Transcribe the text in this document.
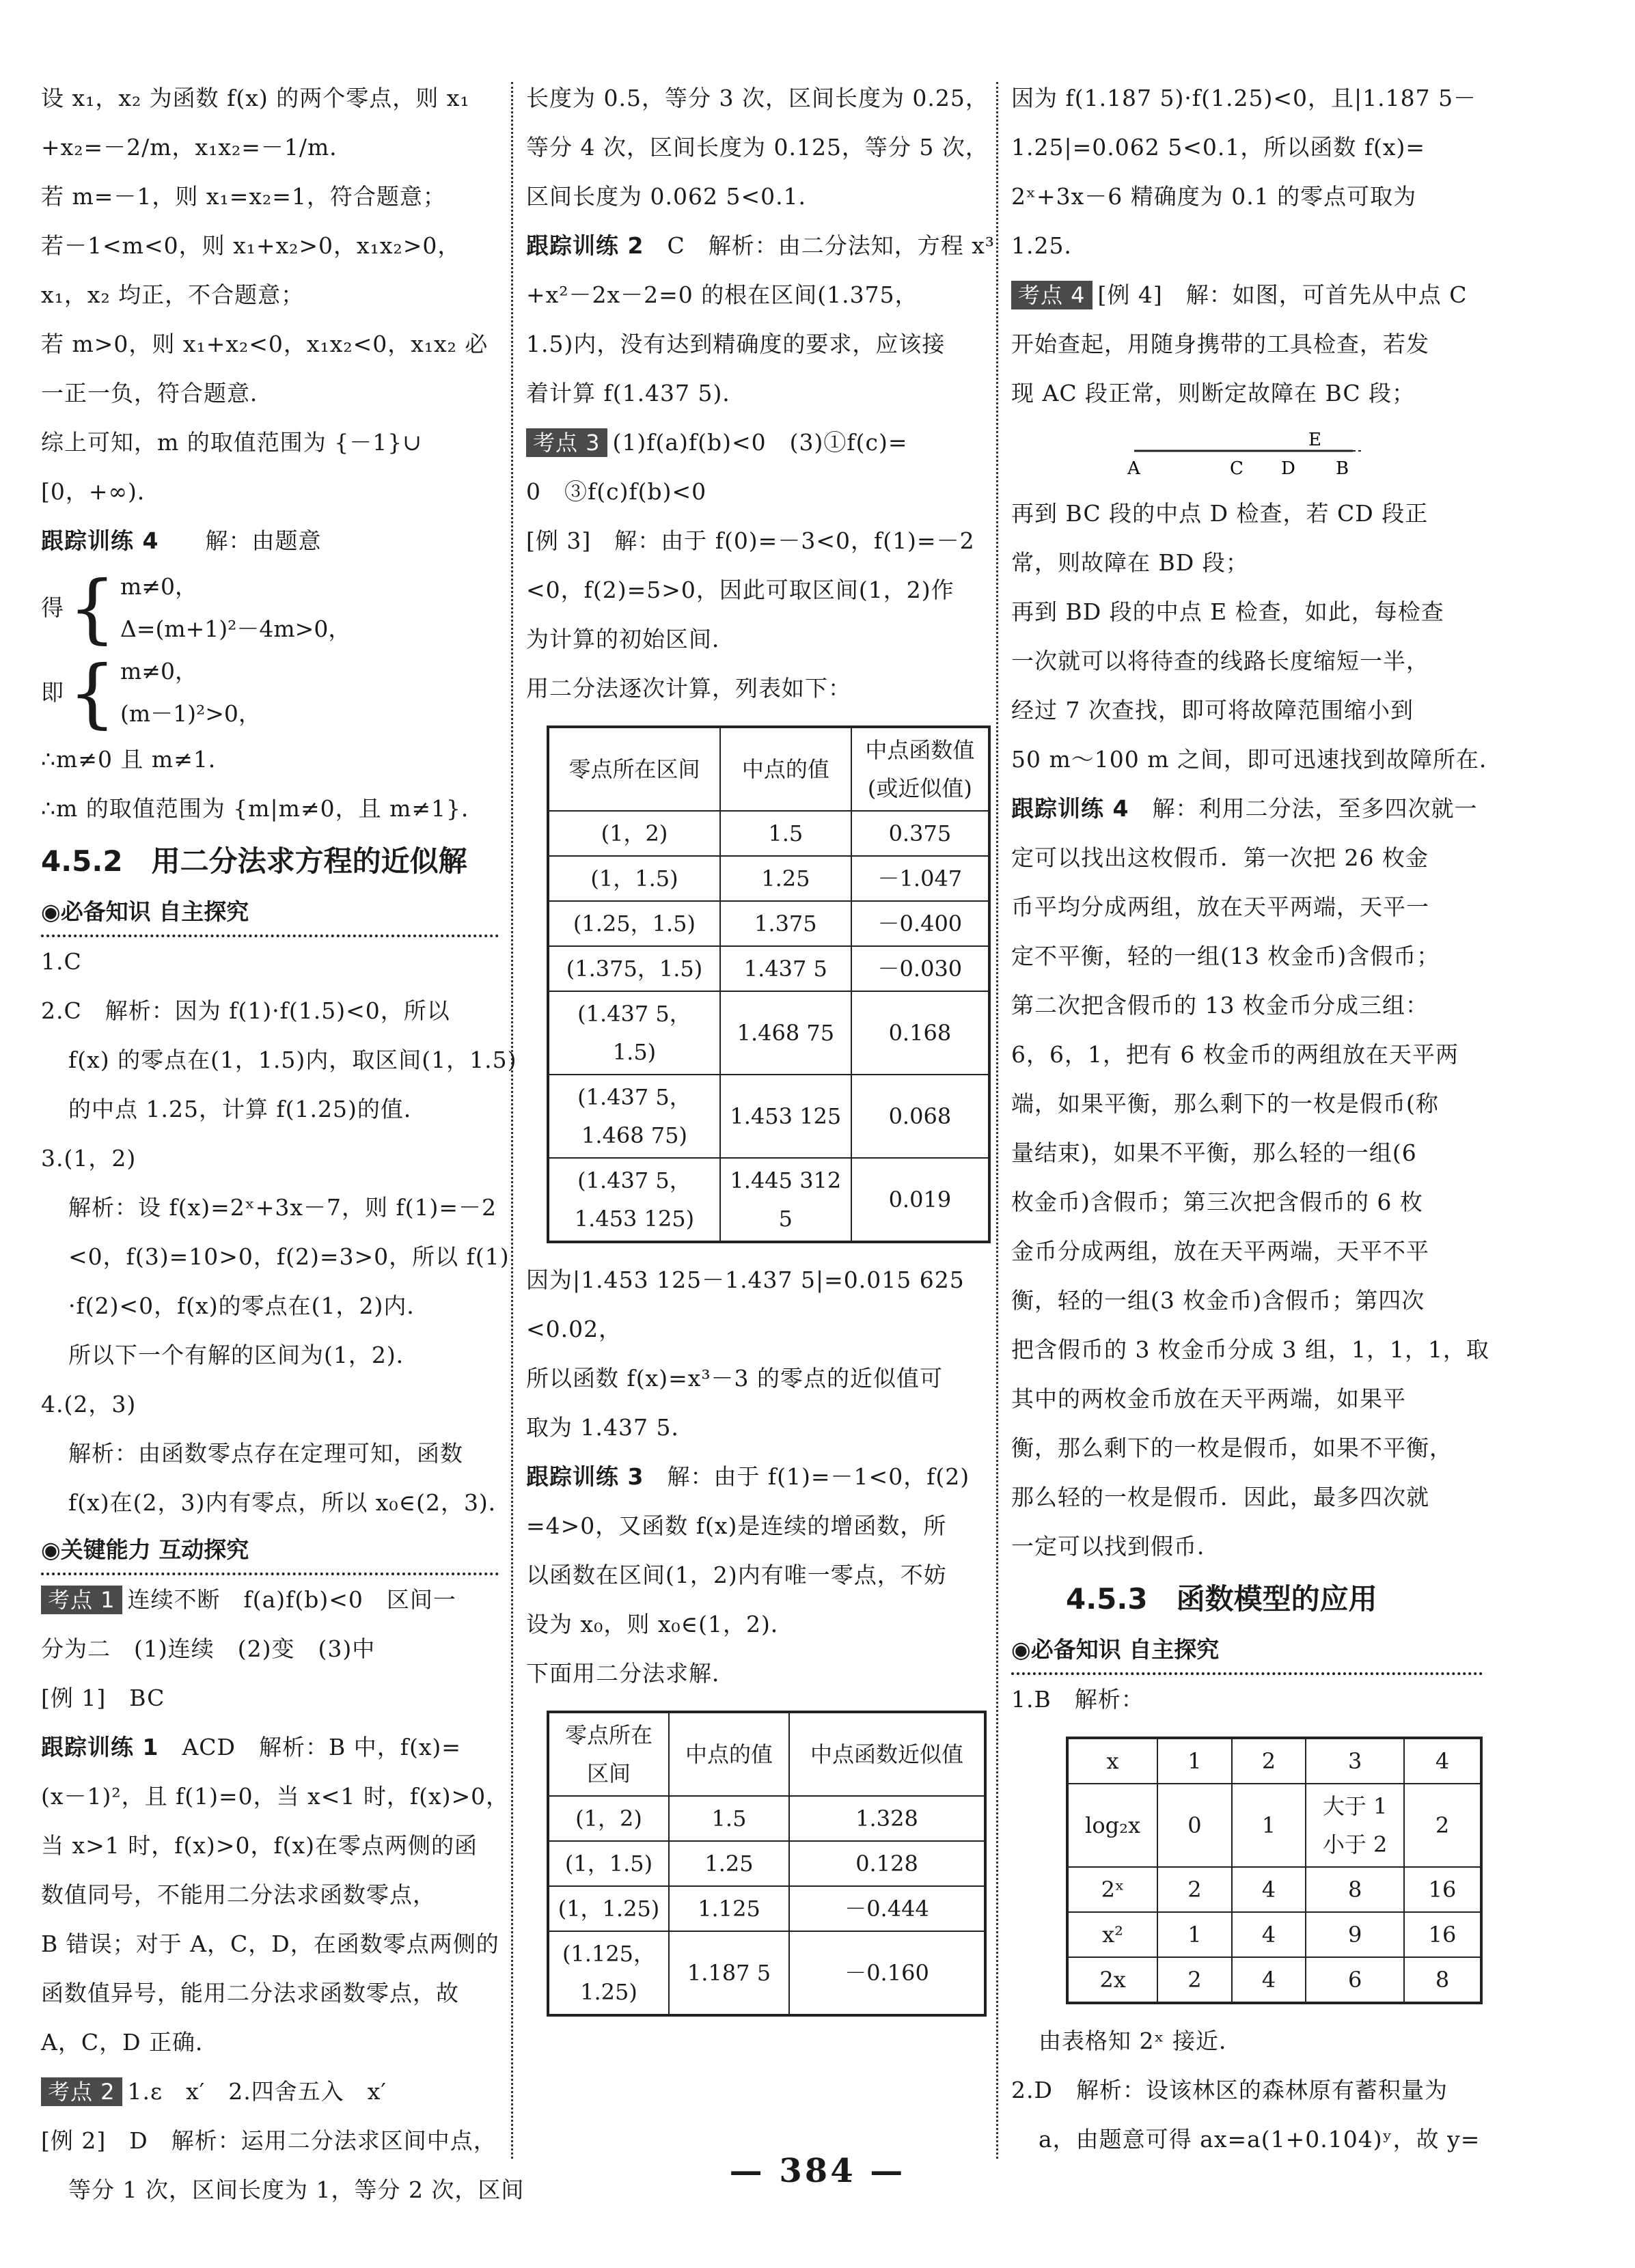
设 x₁，x₂ 为函数 f(x) 的两个零点，则 x₁
+x₂=－2/m，x₁x₂=－1/m．
若 m=－1，则 x₁=x₂=1，符合题意；
若－1<m<0，则 x₁+x₂>0，x₁x₂>0，
x₁，x₂ 均正，不合题意；
若 m>0，则 x₁+x₂<0，x₁x₂<0，x₁x₂ 必
一正一负，符合题意．
综上可知，m 的取值范围为 {－1}∪
[0，+∞)．
跟踪训练 4　　 解：由题意
得 { m≠0，
Δ=(m+1)²－4m>0，
即 { m≠0，
(m－1)²>0，
∴m≠0 且 m≠1．
∴m 的取值范围为 {m|m≠0，且 m≠1}．
4.5.2　用二分法求方程的近似解
◉必备知识 自主探究
1.C
2.C　解析：因为 f(1)·f(1.5)<0，所以
f(x) 的零点在(1，1.5)内，取区间(1，1.5)
的中点 1.25，计算 f(1.25)的值．
3.(1，2)
解析：设 f(x)=2ˣ+3x－7，则 f(1)=－2
<0，f(3)=10>0，f(2)=3>0，所以 f(1)
·f(2)<0，f(x)的零点在(1，2)内．
所以下一个有解的区间为(1，2)．
4.(2，3)
解析：由函数零点存在定理可知，函数
f(x)在(2，3)内有零点，所以 x₀∈(2，3)．
◉关键能力 互动探究
考点 1 连续不断　f(a)f(b)<0　区间一
分为二　(1)连续　(2)变　(3)中
[例 1]　BC
跟踪训练 1　 ACD　解析：B 中，f(x)=
(x－1)²，且 f(1)=0，当 x<1 时，f(x)>0，
当 x>1 时，f(x)>0，f(x)在零点两侧的函
数值同号，不能用二分法求函数零点，
B 错误；对于 A，C，D，在函数零点两侧的
函数值异号，能用二分法求函数零点，故
A，C，D 正确．
考点 2 1.ε　x′　2.四舍五入　x′
[例 2]　D　解析：运用二分法求区间中点，
等分 1 次，区间长度为 1，等分 2 次，区间
长度为 0.5，等分 3 次，区间长度为 0.25，
等分 4 次，区间长度为 0.125，等分 5 次，
区间长度为 0.062 5<0.1．
跟踪训练 2　 C　解析：由二分法知，方程 x³
+x²－2x－2=0 的根在区间(1.375，
1.5)内，没有达到精确度的要求，应该接
着计算 f(1.437 5)．
考点 3 (1)f(a)f(b)<0　(3)①f(c)=
0　③f(c)f(b)<0
[例 3]　解：由于 f(0)=－3<0，f(1)=－2
<0，f(2)=5>0，因此可取区间(1，2)作
为计算的初始区间．
用二分法逐次计算，列表如下：
零点所在区间	中点的值	中点函数值(或近似值)
(1，2)	1.5	0.375
(1，1.5)	1.25	－1.047
(1.25，1.5)	1.375	－0.400
(1.375，1.5)	1.437 5	－0.030
(1.437 5，1.5)	1.468 75	0.168
(1.437 5，1.468 75)	1.453 125	0.068
(1.437 5，1.453 125)	1.445 312 5	0.019
因为|1.453 125－1.437 5|=0.015 625
<0.02，
所以函数 f(x)=x³－3 的零点的近似值可
取为 1.437 5．
跟踪训练 3　 解：由于 f(1)=－1<0，f(2)
=4>0，又函数 f(x)是连续的增函数，所
以函数在区间(1，2)内有唯一零点，不妨
设为 x₀，则 x₀∈(1，2)．
下面用二分法求解．
零点所在区间	中点的值	中点函数近似值
(1，2)	1.5	1.328
(1，1.5)	1.25	0.128
(1，1.25)	1.125	－0.444
(1.125，1.25)	1.187 5	－0.160
因为 f(1.187 5)·f(1.25)<0，且|1.187 5－
1.25|=0.062 5<0.1，所以函数 f(x)=
2ˣ+3x－6 精确度为 0.1 的零点可取为
1.25．
考点 4 [例 4]　解：如图，可首先从中点 C
开始查起，用随身携带的工具检查，若发
现 AC 段正常，则断定故障在 BC 段；
A	C D
E
B
再到 BC 段的中点 D 检查，若 CD 段正
常，则故障在 BD 段；
再到 BD 段的中点 E 检查，如此，每检查
一次就可以将待查的线路长度缩短一半，
经过 7 次查找，即可将故障范围缩小到
50 m～100 m 之间，即可迅速找到故障所在．
跟踪训练 4　 解：利用二分法，至多四次就一
定可以找出这枚假币．第一次把 26 枚金
币平均分成两组，放在天平两端，天平一
定不平衡，轻的一组(13 枚金币)含假币；
第二次把含假币的 13 枚金币分成三组：
6，6，1，把有 6 枚金币的两组放在天平两
端，如果平衡，那么剩下的一枚是假币(称
量结束)，如果不平衡，那么轻的一组(6
枚金币)含假币；第三次把含假币的 6 枚
金币分成两组，放在天平两端，天平不平
衡，轻的一组(3 枚金币)含假币；第四次
把含假币的 3 枚金币分成 3 组，1，1，1，取
其中的两枚金币放在天平两端，如果平
衡，那么剩下的一枚是假币，如果不平衡，
那么轻的一枚是假币．因此，最多四次就
一定可以找到假币．
4.5.3　函数模型的应用
◉必备知识 自主探究
1.B　解析：
x	1	2	3	4
log₂x	0	1	大于 1 小于 2	2
2ˣ	2	4	8	16
x²	1	4	9	16
2x	2	4	6	8
由表格知 2ˣ 接近．
2.D　解析：设该林区的森林原有蓄积量为
a，由题意可得 ax=a(1+0.104)ʸ，故 y=
— 384 —
